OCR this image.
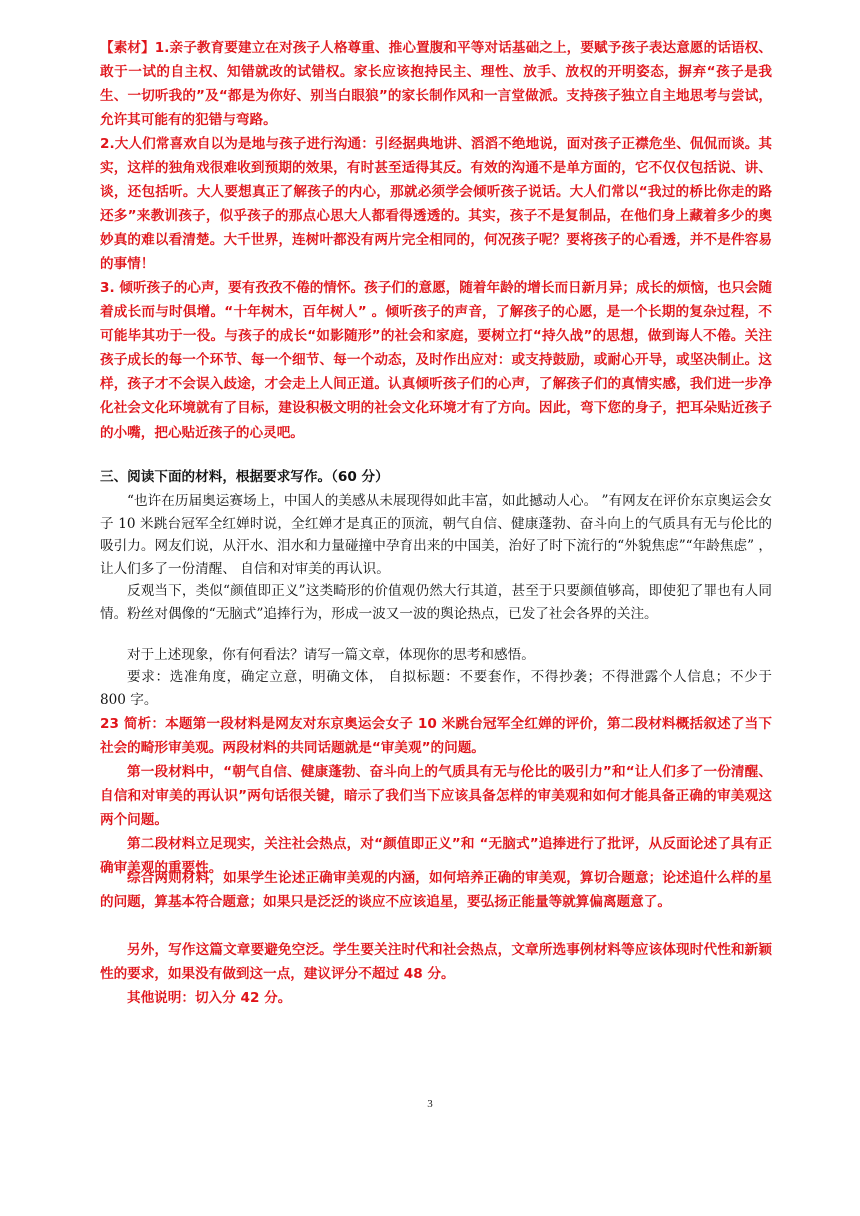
【素材】1.亲子教育要建立在对孩子人格尊重、推心置腹和平等对话基础之上，要赋予孩子表达意愿的话语权、敢于一试的自主权、知错就改的试错权。家长应该抱持民主、理性、放手、放权的开明姿态，摒弃“孩子是我生、一切听我的”及“都是为你好、别当白眼狼”的家长制作风和一言堂做派。支持孩子独立自主地思考与尝试，允许其可能有的犯错与弯路。

2.大人们常喜欢自以为是地与孩子进行沟通：引经据典地讲、滔滔不绝地说，面对孩子正襟危坐、侃侃而谈。其实，这样的独角戏很难收到预期的效果，有时甚至适得其反。有效的沟通不是单方面的，它不仅仅包括说、讲、谈，还包括听。大人要想真正了解孩子的内心，那就必须学会倾听孩子说话。大人们常以“我过的桥比你走的路还多”来教训孩子，似乎孩子的那点心思大人都看得透透的。其实，孩子不是复制品，在他们身上藏着多少的奥妙真的难以看清楚。大千世界，连树叶都没有两片完全相同的，何况孩子呢？要将孩子的心看透，并不是件容易的事情！

3. 倾听孩子的心声，要有孜孜不倦的情怀。孩子们的意愿，随着年龄的增长而日新月异；成长的烦恼，也只会随着成长而与时俱增。“十年树木，百年树人” 。倾听孩子的声音，了解孩子的心愿，是一个长期的复杂过程，不可能毕其功于一役。与孩子的成长“如影随形”的社会和家庭，要树立打“持久战”的思想，做到诲人不倦。关注孩子成长的每一个环节、每一个细节、每一个动态，及时作出应对：或支持鼓励，或耐心开导，或坚决制止。这样，孩子才不会误入歧途，才会走上人间正道。认真倾听孩子们的心声，了解孩子们的真情实感，我们进一步净化社会文化环境就有了目标，建设积极文明的社会文化环境才有了方向。因此，弯下您的身子，把耳朵贴近孩子的小嘴，把心贴近孩子的心灵吧。

三、阅读下面的材料，根据要求写作。（60 分）

“也许在历届奥运赛场上，中国人的美感从未展现得如此丰富，如此撼动人心。 ”有网友在评价东京奥运会女子 10 米跳台冠军全红婵时说，全红婵才是真正的顶流，朝气自信、健康蓬勃、奋斗向上的气质具有无与伦比的吸引力。网友们说，从汗水、泪水和力量碰撞中孕育出来的中国美，治好了时下流行的“外貌焦虑”“年龄焦虑” ，让人们多了一份清醒、 自信和对审美的再认识。

反观当下，类似“颜值即正义”这类畸形的价值观仍然大行其道，甚至于只要颜值够高，即使犯了罪也有人同情。粉丝对偶像的“无脑式”追捧行为，形成一波又一波的舆论热点，已发了社会各界的关注。

对于上述现象，你有何看法？请写一篇文章，体现你的思考和感悟。

要求：选准角度，确定立意，明确文体， 自拟标题：不要套作，不得抄袭；不得泄露个人信息；不少于 800 字。

23 简析：本题第一段材料是网友对东京奥运会女子 10 米跳台冠军全红婵的评价，第二段材料概括叙述了当下社会的畸形审美观。两段材料的共同话题就是“审美观”的问题。

第一段材料中，“朝气自信、健康蓬勃、奋斗向上的气质具有无与伦比的吸引力”和“让人们多了一份清醒、自信和对审美的再认识”两句话很关键，暗示了我们当下应该具备怎样的审美观和如何才能具备正确的审美观这两个问题。

第二段材料立足现实，关注社会热点，对“颜值即正义”和 “无脑式”追捧进行了批评，从反面论述了具有正确审美观的重要性。

综合两则材料，如果学生论述正确审美观的内涵，如何培养正确的审美观，算切合题意；论述追什么样的星的问题，算基本符合题意；如果只是泛泛的谈应不应该追星，要弘扬正能量等就算偏离题意了。

另外，写作这篇文章要避免空泛。学生要关注时代和社会热点，文章所选事例材料等应该体现时代性和新颖性的要求，如果没有做到这一点，建议评分不超过 48 分。

其他说明：切入分 42 分。

3
